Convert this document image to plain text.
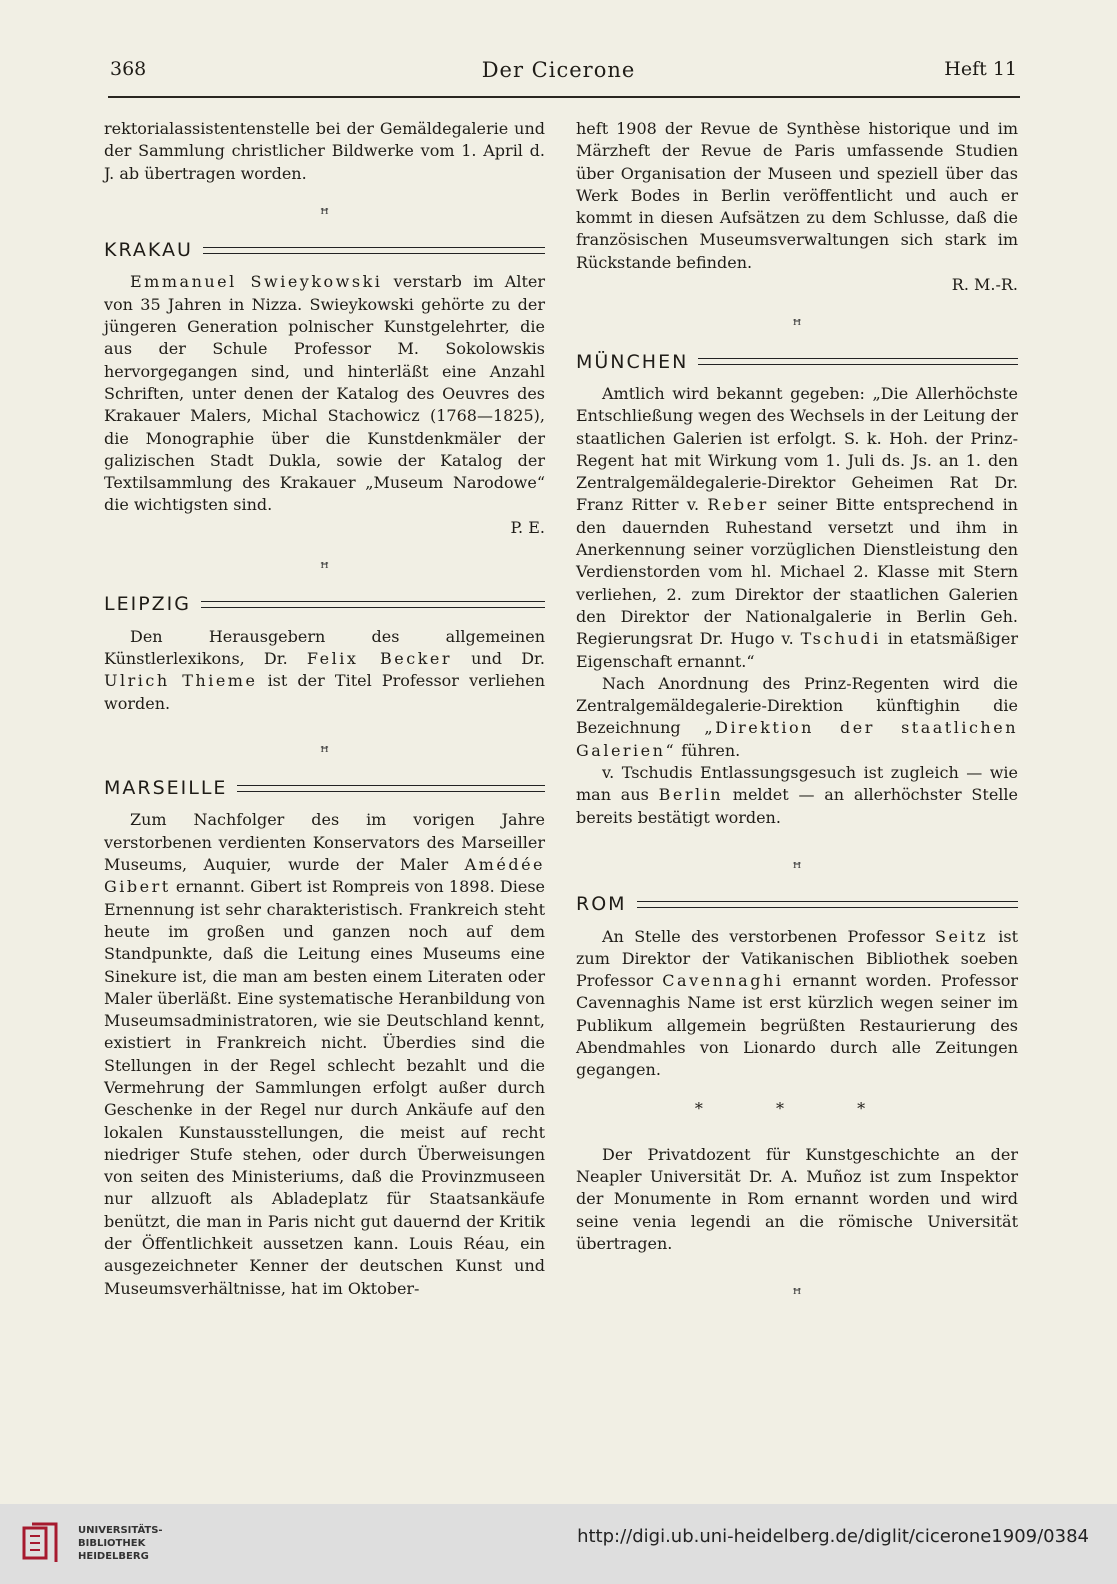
368	Der Cicerone	Heft 11

rektorialassistentenstelle bei der Gemäldegalerie und der Sammlung christlicher Bildwerke vom 1. April d. J. ab übertragen worden.

ꟸ
KRAKAU

Emmanuel Swieykowski verstarb im Alter von 35 Jahren in Nizza. Swieykowski gehörte zu der jüngeren Generation polnischer Kunstgelehrter, die aus der Schule Professor M. Sokolowskis hervorgegangen sind, und hinterläßt eine Anzahl Schriften, unter denen der Katalog des Oeuvres des Krakauer Malers, Michal Stachowicz (1768—1825), die Monographie über die Kunstdenkmäler der galizischen Stadt Dukla, sowie der Katalog der Textilsammlung des Krakauer „Museum Narodowe“ die wichtigsten sind.

P. E.
ꟸ
LEIPZIG

Den Herausgebern des allgemeinen Künstlerlexikons, Dr. Felix Becker und Dr. Ulrich Thieme ist der Titel Professor verliehen worden.

ꟸ
MARSEILLE

Zum Nachfolger des im vorigen Jahre verstorbenen verdienten Konservators des Marseiller Museums, Auquier, wurde der Maler Amédée Gibert ernannt. Gibert ist Rompreis von 1898. Diese Ernennung ist sehr charakteristisch. Frankreich steht heute im großen und ganzen noch auf dem Standpunkte, daß die Leitung eines Museums eine Sinekure ist, die man am besten einem Literaten oder Maler überläßt. Eine systematische Heranbildung von Museumsadministratoren, wie sie Deutschland kennt, existiert in Frankreich nicht. Überdies sind die Stellungen in der Regel schlecht bezahlt und die Vermehrung der Sammlungen erfolgt außer durch Geschenke in der Regel nur durch Ankäufe auf den lokalen Kunstausstellungen, die meist auf recht niedriger Stufe stehen, oder durch Überweisungen von seiten des Ministeriums, daß die Provinzmuseen nur allzuoft als Abladeplatz für Staatsankäufe benützt, die man in Paris nicht gut dauernd der Kritik der Öffentlichkeit aussetzen kann. Louis Réau, ein ausgezeichneter Kenner der deutschen Kunst und Museumsverhältnisse, hat im Oktober-

heft 1908 der Revue de Synthèse historique und im Märzheft der Revue de Paris umfassende Studien über Organisation der Museen und speziell über das Werk Bodes in Berlin veröffentlicht und auch er kommt in diesen Aufsätzen zu dem Schlusse, daß die französischen Museumsverwaltungen sich stark im Rückstande befinden.

R. M.-R.
ꟸ
MÜNCHEN

Amtlich wird bekannt gegeben: „Die Allerhöchste Entschließung wegen des Wechsels in der Leitung der staatlichen Galerien ist erfolgt. S. k. Hoh. der Prinz-Regent hat mit Wirkung vom 1. Juli ds. Js. an 1. den Zentralgemäldegalerie-Direktor Geheimen Rat Dr. Franz Ritter v. Reber seiner Bitte entsprechend in den dauernden Ruhestand versetzt und ihm in Anerkennung seiner vorzüglichen Dienstleistung den Verdienstorden vom hl. Michael 2. Klasse mit Stern verliehen, 2. zum Direktor der staatlichen Galerien den Direktor der Nationalgalerie in Berlin Geh. Regierungsrat Dr. Hugo v. Tschudi in etatsmäßiger Eigenschaft ernannt.“

Nach Anordnung des Prinz-Regenten wird die Zentralgemäldegalerie-Direktion künftighin die Bezeichnung „Direktion der staatlichen Galerien“ führen.

v. Tschudis Entlassungsgesuch ist zugleich — wie man aus Berlin meldet — an allerhöchster Stelle bereits bestätigt worden.

ꟸ
ROM

An Stelle des verstorbenen Professor Seitz ist zum Direktor der Vatikanischen Bibliothek soeben Professor Cavennaghi ernannt worden. Professor Cavennaghis Name ist erst kürzlich wegen seiner im Publikum allgemein begrüßten Restaurierung des Abendmahles von Lionardo durch alle Zeitungen gegangen.

* * *

Der Privatdozent für Kunstgeschichte an der Neapler Universität Dr. A. Muñoz ist zum Inspektor der Monumente in Rom ernannt worden und wird seine venia legendi an die römische Universität übertragen.

ꟸ
UNIVERSITÄTS-
BIBLIOTHEK
HEIDELBERG
http://digi.ub.uni-heidelberg.de/diglit/cicerone1909/0384
